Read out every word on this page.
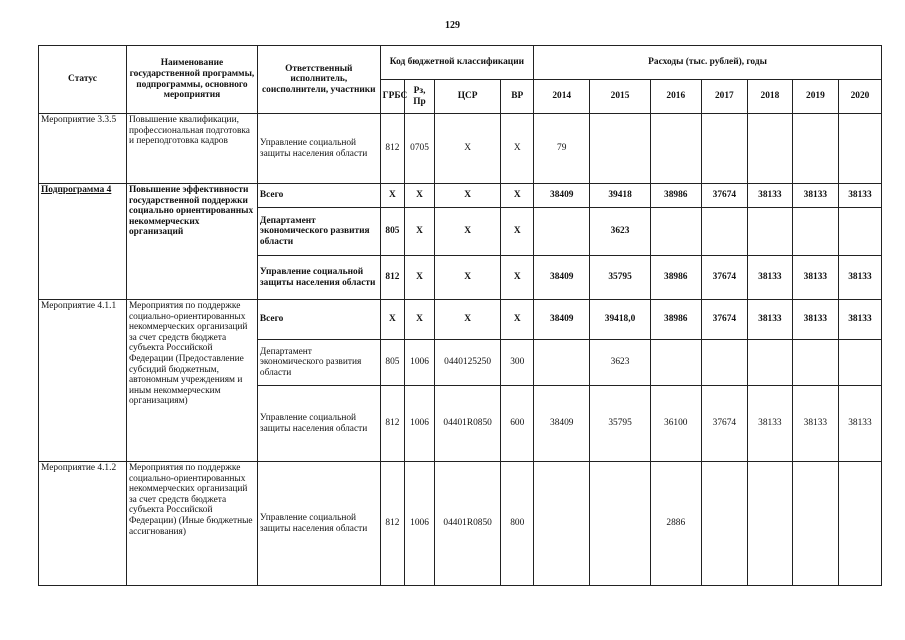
129
Статус	Наименование государственной программы, подпрограммы, основного мероприятия	Ответственный исполнитель, соисполнители, участники	Код бюджетной классификации				Расходы (тыс. рублей), годы						
			ГРБС	Рз, Пр	ЦСР	ВР	2014	2015	2016	2017	2018	2019	2020
Мероприятие 3.3.5	Повышение квалификации, профессиональная подготовка и переподготовка кадров	Управление социальной защиты населения области	812	0705	Х	Х	79						
Подпрограмма 4	Повышение эффективности государственной поддержки социально ориентированных некоммерческих организаций	Всего	Х	Х	Х	Х	38409	39418	38986	37674	38133	38133	38133
		Департамент экономического развития области	805	Х	Х	Х		3623					
		Управление социальной защиты населения области	812	Х	Х	Х	38409	35795	38986	37674	38133	38133	38133
Мероприятие 4.1.1	Мероприятия по поддержке социально-ориентированных некоммерческих организаций за счет средств бюджета субъекта Российской Федерации (Предоставление субсидий бюджетным, автономным учреждениям и иным некоммерческим организациям)	Всего	Х	Х	Х	Х	38409	39418,0	38986	37674	38133	38133	38133
		Департамент экономического развития области	805	1006	0440125250	300		3623					
		Управление социальной защиты населения области	812	1006	04401R0850	600	38409	35795	36100	37674	38133	38133	38133
Мероприятие 4.1.2	Мероприятия по поддержке социально-ориентированных некоммерческих организаций за счет средств бюджета субъекта Российской Федерации) (Иные бюджетные ассигнования)	Управление социальной защиты населения области	812	1006	04401R0850	800			2886				
